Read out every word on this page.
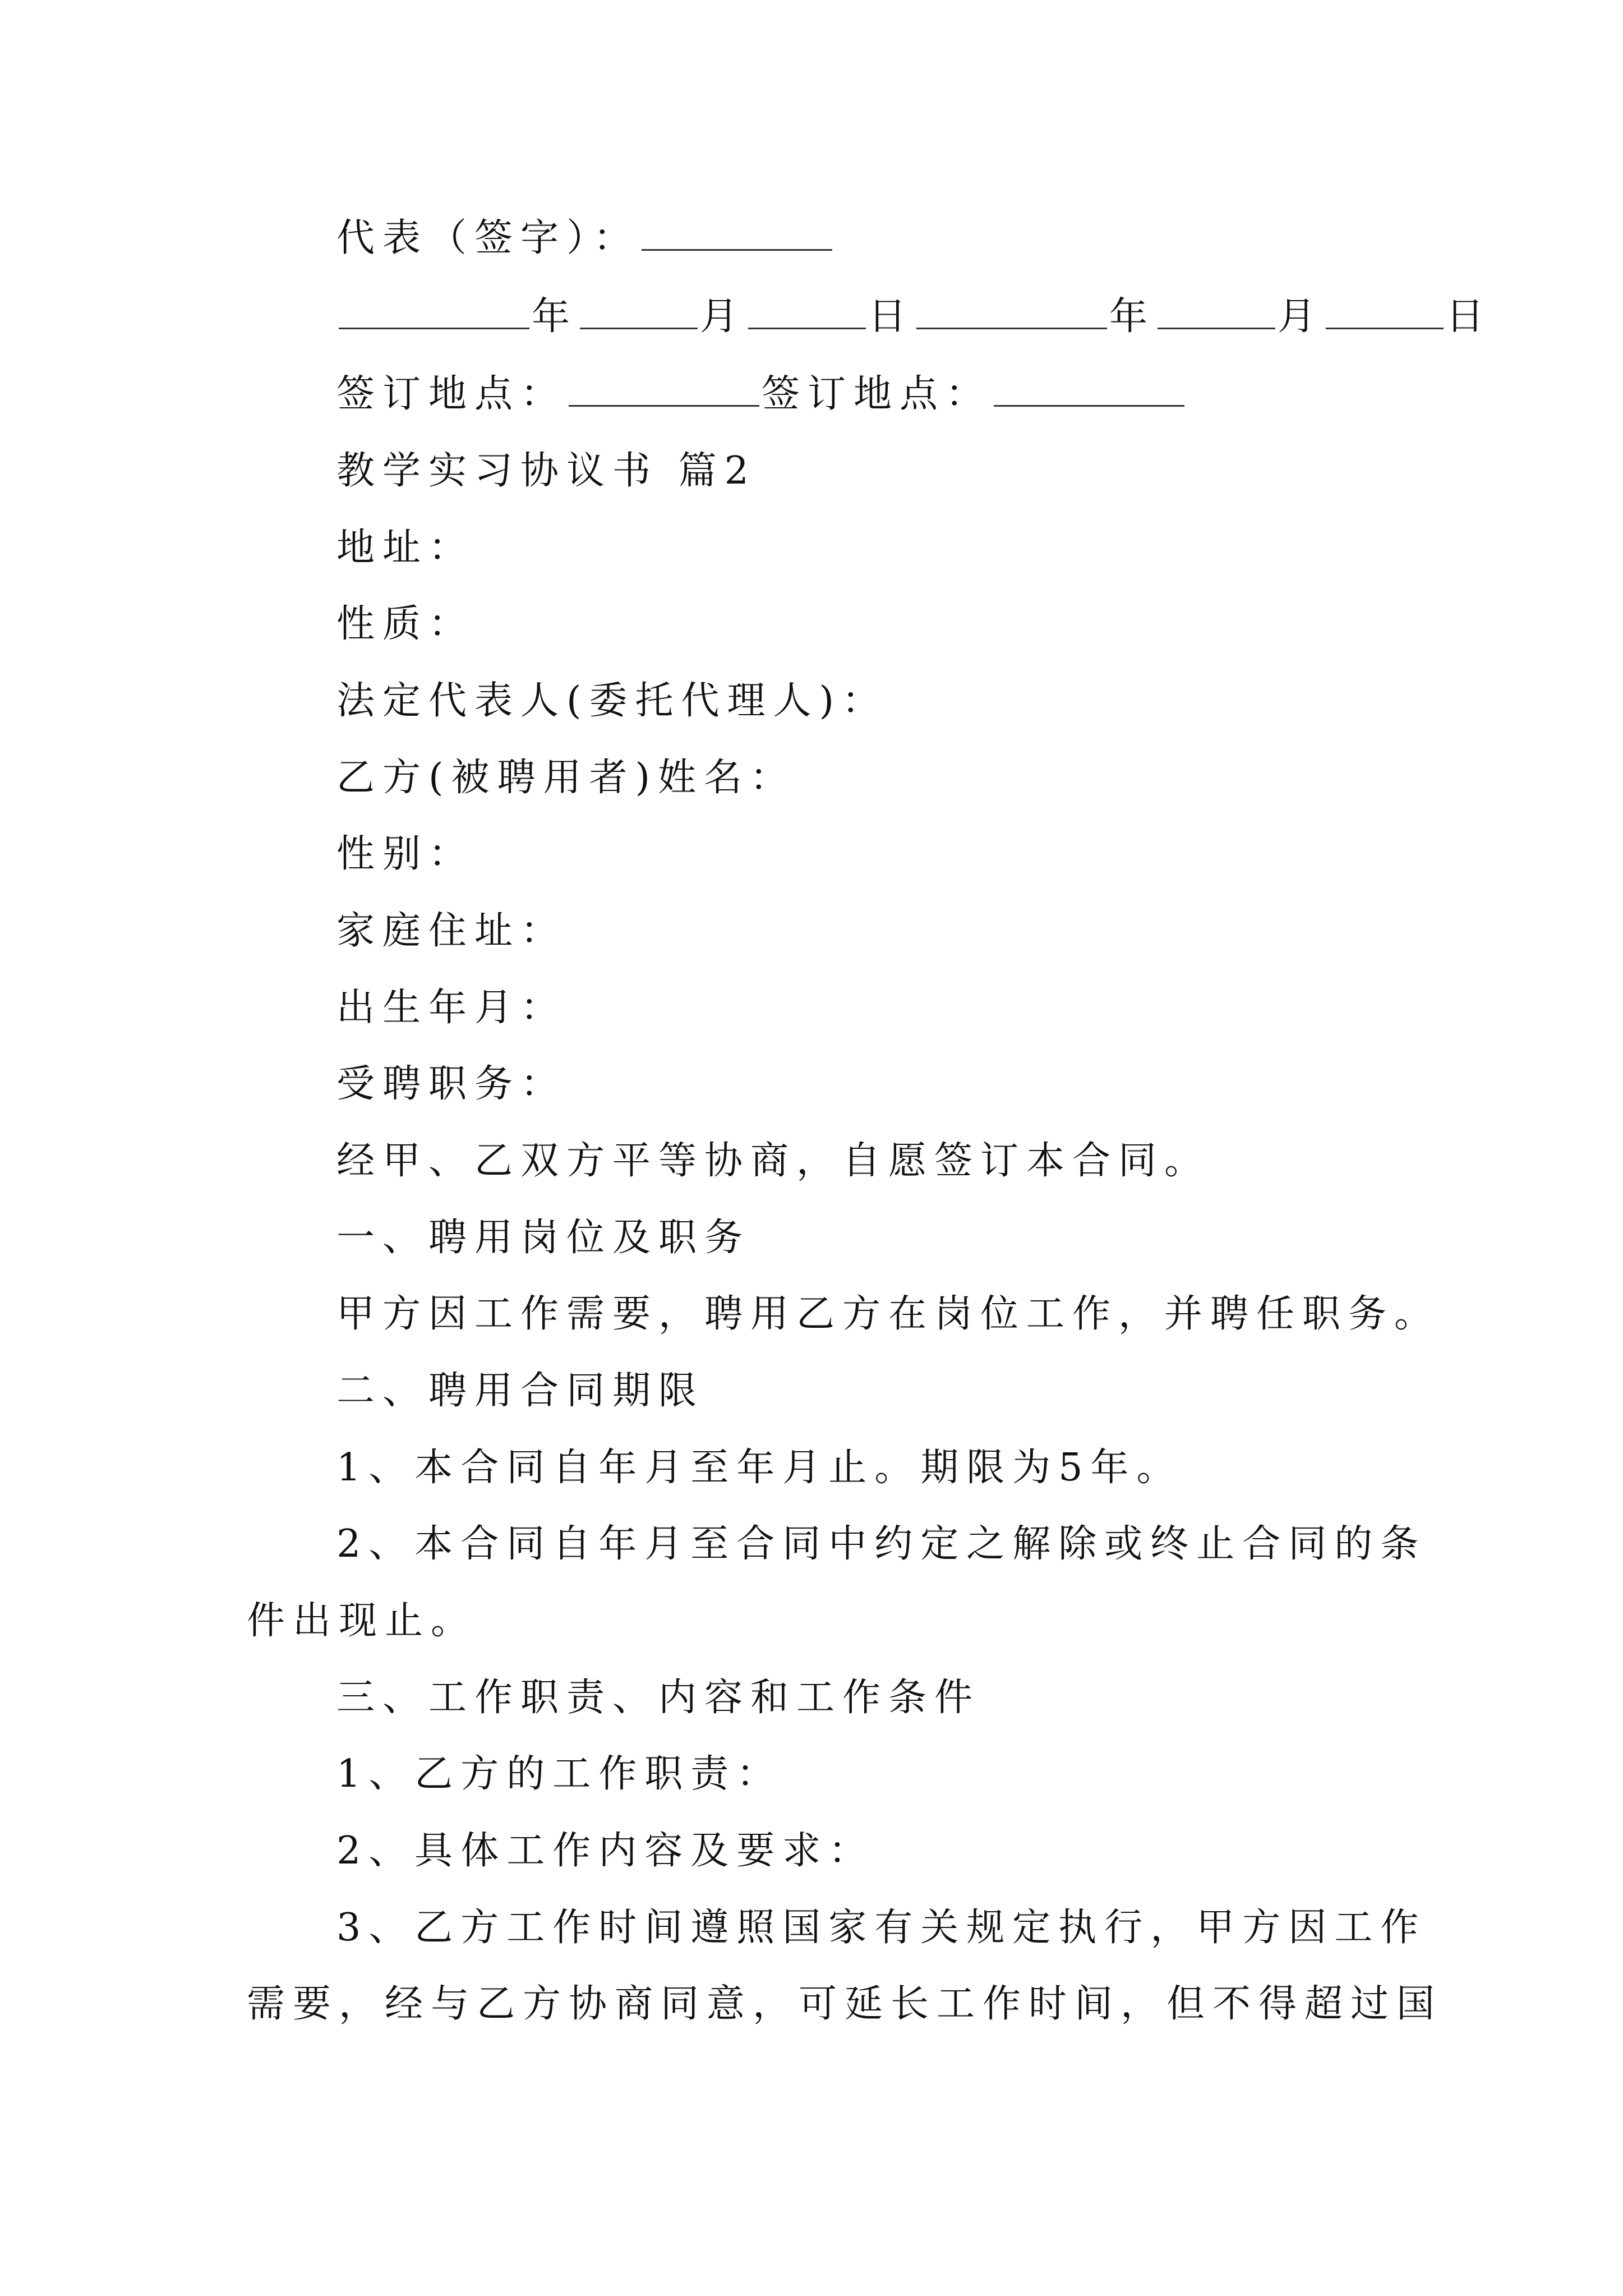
代表（签字）：
年	月	日	年	月	日
签订地点：	签订地点：
教学实习协议书 篇2
地址：
性质：
法定代表人(委托代理人)：
乙方(被聘用者)姓名：
性别：
家庭住址：
出生年月：
受聘职务：
经甲、乙双方平等协商，自愿签订本合同。
一、聘用岗位及职务
甲方因工作需要，聘用乙方在岗位工作，并聘任职务。
二、聘用合同期限
1、本合同自年月至年月止。期限为5年。
2、本合同自年月至合同中约定之解除或终止合同的条
件出现止。
三、工作职责、内容和工作条件
1、乙方的工作职责：
2、具体工作内容及要求：
3、乙方工作时间遵照国家有关规定执行，甲方因工作
需要，经与乙方协商同意，可延长工作时间，但不得超过国
